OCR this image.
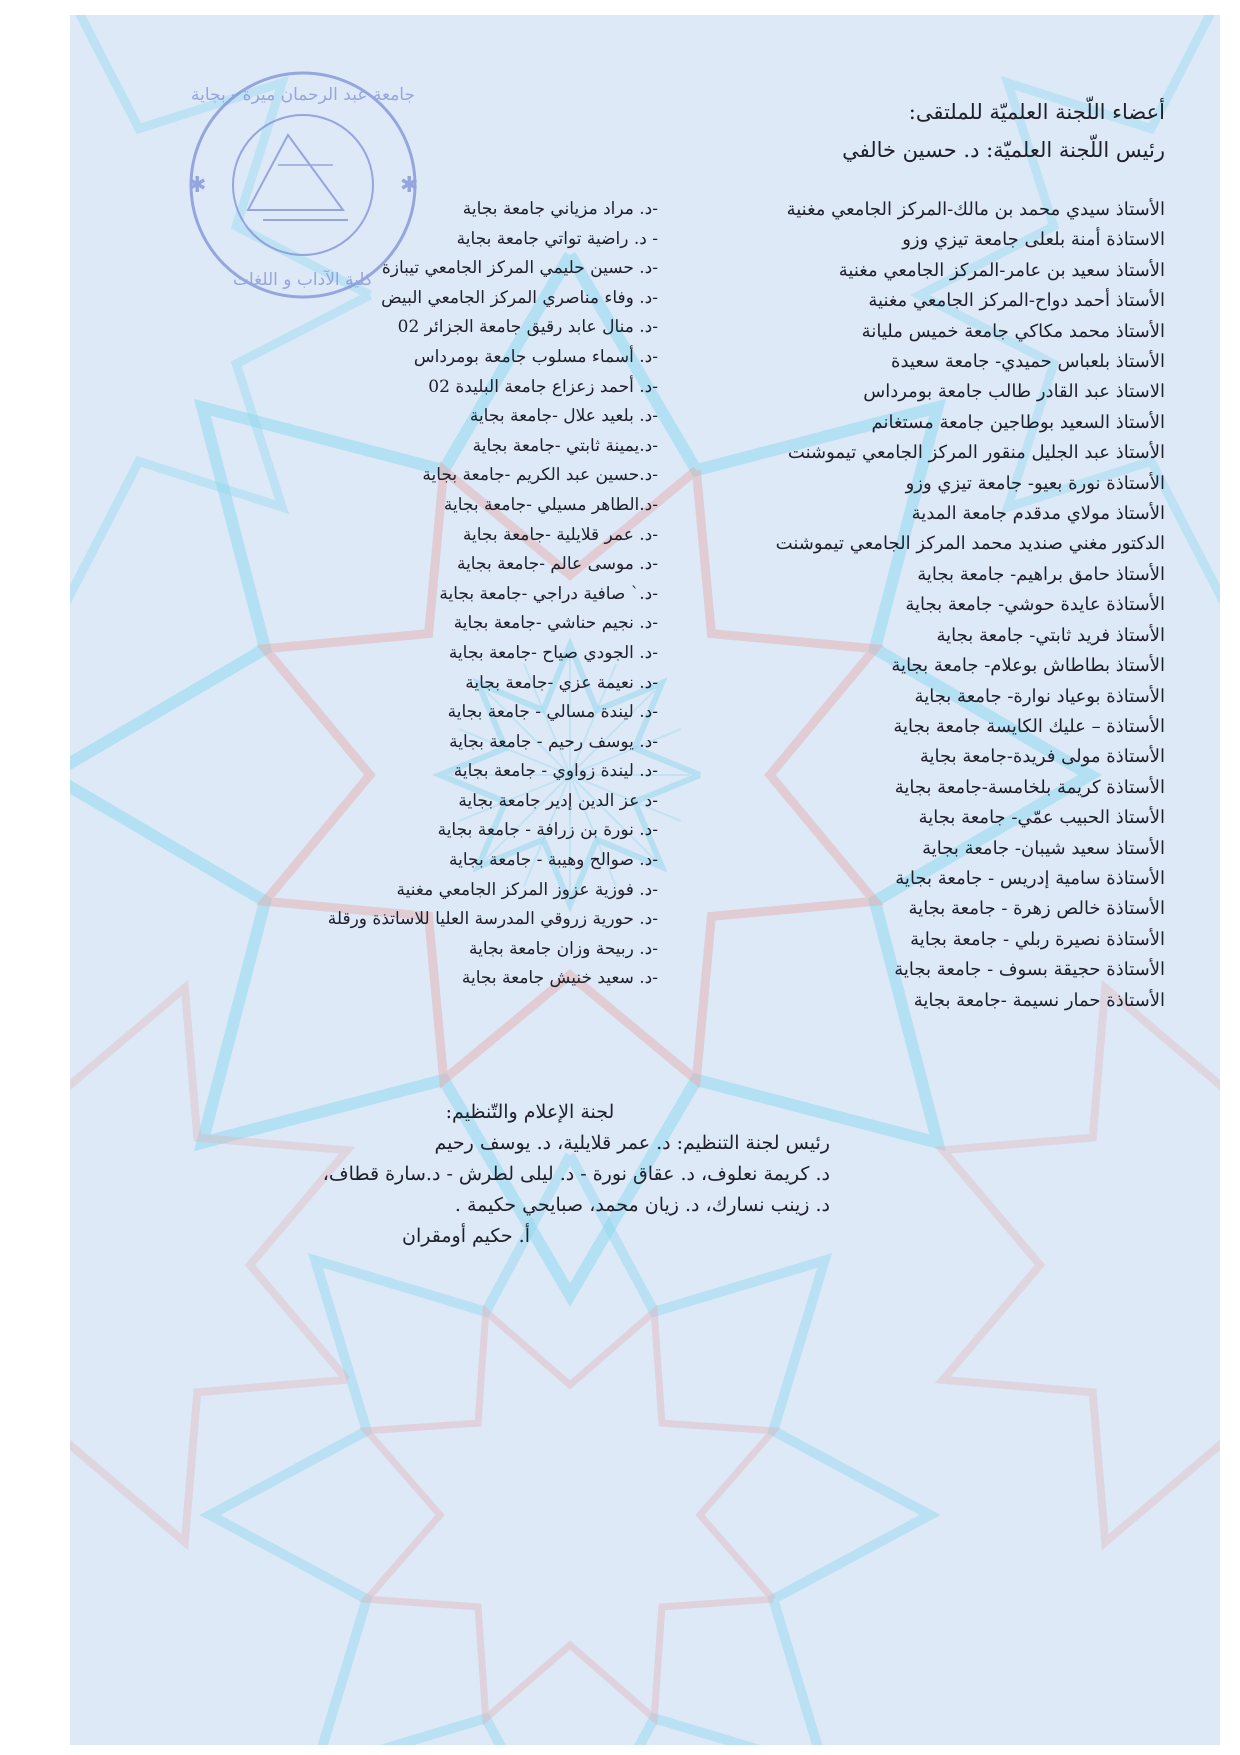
✱	✱
جامعة عبد الرحمان ميرة - بجاية
كلية الآداب و اللغات
أعضاء اللّجنة العلميّة للملتقى:
رئيس اللّجنة العلميّة: د. حسين خالفي
الأستاذ سيدي محمد بن مالك-المركز الجامعي مغنية
الاستاذة أمنة بلعلى جامعة تيزي وزو
الأستاذ سعيد بن عامر-المركز الجامعي مغنية
الأستاذ أحمد دواح-المركز الجامعي مغنية
الأستاذ محمد مكاكي جامعة خميس مليانة
الأستاذ بلعباس حميدي- جامعة سعيدة
الاستاذ عبد القادر طالب جامعة بومرداس
الأستاذ السعيد بوطاجين جامعة مستغانم
الأستاذ عبد الجليل منقور المركز الجامعي تيموشنت
الأستاذة نورة بعيو- جامعة تيزي وزو
الأستاذ مولاي مدقدم جامعة المدية
الدكتور مغني صنديد محمد المركز الجامعي تيموشنت
الأستاذ حامق براهيم- جامعة بجاية
الأستاذة عايدة حوشي- جامعة بجاية
الأستاذ فريد ثابتي- جامعة بجاية
الأستاذ بطاطاش بوعلام- جامعة بجاية
الأستاذة بوعياد نوارة- جامعة بجاية
الأستاذة – عليك الكايسة جامعة بجاية
الأستاذة مولى فريدة-جامعة بجاية
الأستاذة كريمة بلخامسة-جامعة بجاية
الأستاذ الحبيب عمّي- جامعة بجاية
الأستاذ سعيد شيبان- جامعة بجاية
الأستاذة سامية إدريس - جامعة بجاية
الأستاذة خالص زهرة - جامعة بجاية
الأستاذة نصيرة ربلي - جامعة بجاية
الأستاذة حجيقة بسوف - جامعة بجاية
الأستاذة حمار نسيمة -جامعة بجاية
-د. مراد مزياني جامعة بجاية
- د. راضية تواتي جامعة بجاية
-د. حسين حليمي المركز الجامعي تيبازة
-د. وفاء مناصري المركز الجامعي البيض
-د. منال عابد رقيق جامعة الجزائر 02
-د. أسماء مسلوب جامعة بومرداس
-د. أحمد زعزاع جامعة البليدة 02
-د. بلعيد علال -جامعة بجاية
-د.يمينة ثابتي -جامعة بجاية
-د.حسين عبد الكريم -جامعة بجاية
-د.الطاهر مسيلي -جامعة بجاية
-د. عمر قلايلية -جامعة بجاية
-د. موسى عالم -جامعة بجاية
-د.` صافية دراجي -جامعة بجاية
-د. نجيم حناشي -جامعة بجاية
-د. الجودي صياح -جامعة بجاية
-د. نعيمة عزي -جامعة بجاية
-د. ليندة مسالي - جامعة بجاية
-د. يوسف رحيم - جامعة بجاية
-د. ليندة زواوي - جامعة بجاية
-د عز الدين إدير جامعة بجاية
-د. نورة بن زرافة - جامعة بجاية
-د. صوالح وهيبة - جامعة بجاية
-د. فوزية عزوز المركز الجامعي مغنية
-د. حورية زروقي المدرسة العليا للاساتذة ورقلة
-د. ربيحة وزان جامعة بجاية
-د. سعيد خنيش جامعة بجاية
لجنة الإعلام والتّنظيم:
رئيس لجنة التنظيم: د. عمر قلايلية، د. يوسف رحيم
د. كريمة نعلوف، د. عقاق نورة - د. ليلى لطرش - د.سارة قطاف،
د. زينب نسارك، د. زيان محمد، صبايحي حكيمة .
أ. حكيم أومقران
